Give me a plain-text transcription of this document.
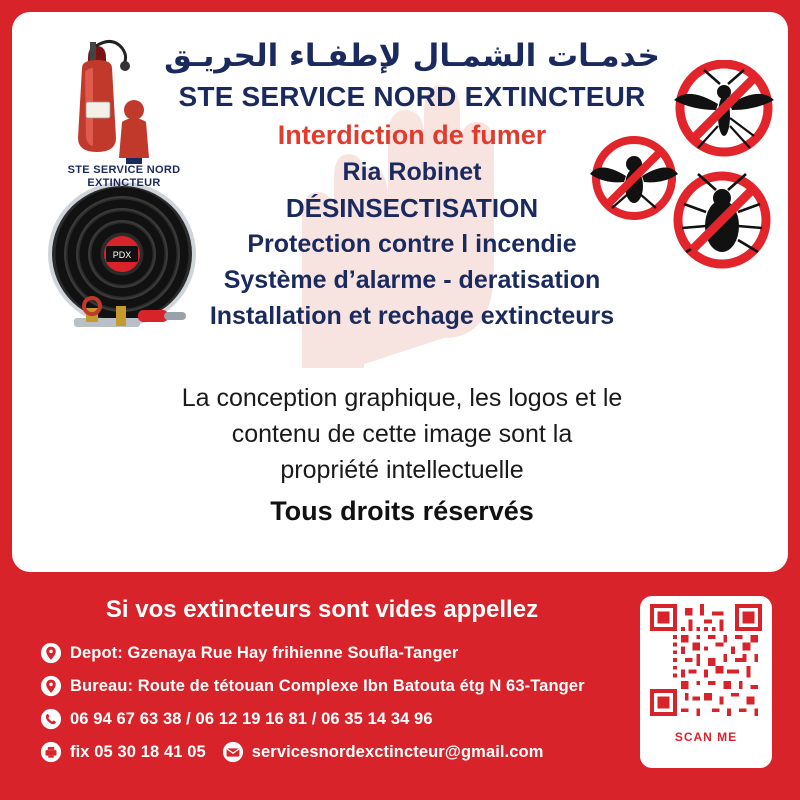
PDX
STE SERVICE NORD
EXTINCTEUR
خدمـات الشمـال لإطفـاء الحريـق
STE SERVICE NORD EXTINCTEUR
Interdiction de fumer
Ria Robinet
DÉSINSECTISATION
Protection contre l incendie
Système d’alarme - deratisation
Installation et rechage extincteurs
La conception graphique, les logos et le
contenu de cette image sont la
propriété intellectuelle
Tous droits réservés
Si vos extincteurs sont vides appellez
Depot: Gzenaya Rue Hay frihienne Soufla-Tanger
Bureau: Route de tétouan Complexe Ibn Batouta étg N 63-Tanger
06 94 67 63 38 / 06 12 19 16 81 / 06 35 14 34 96
fix 05 30 18 41 05	servicesnordexctincteur@gmail.com
SCAN ME
